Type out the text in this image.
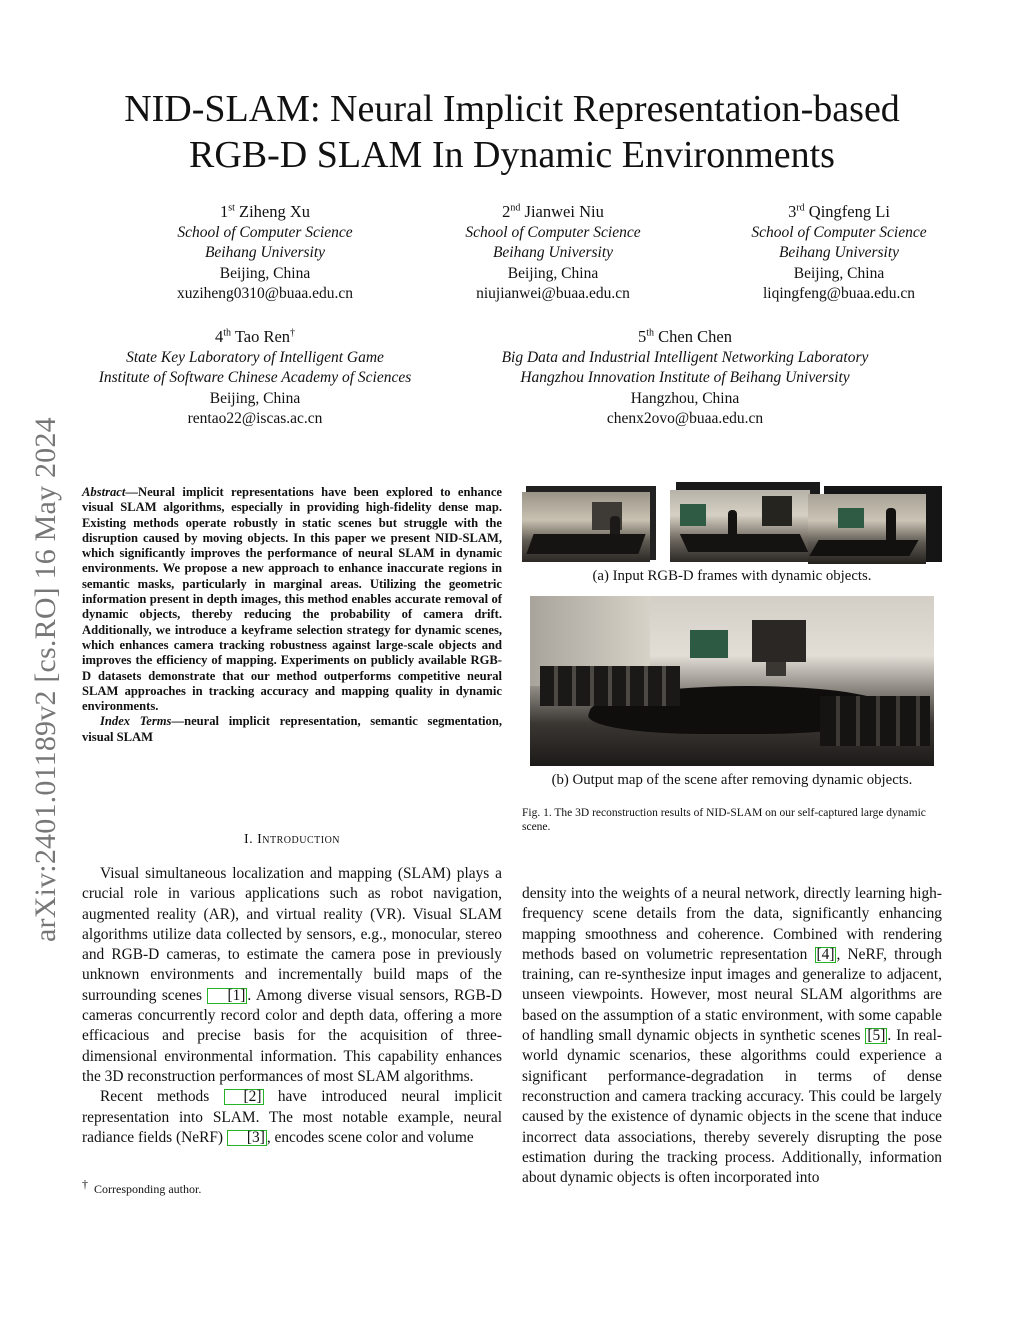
NID-SLAM: Neural Implicit Representation-based
RGB-D SLAM In Dynamic Environments
1st Ziheng Xu
School of Computer Science
Beihang University
Beijing, China
xuziheng0310@buaa.edu.cn
2nd Jianwei Niu
School of Computer Science
Beihang University
Beijing, China
niujianwei@buaa.edu.cn
3rd Qingfeng Li
School of Computer Science
Beihang University
Beijing, China
liqingfeng@buaa.edu.cn
4th Tao Ren†
State Key Laboratory of Intelligent Game
Institute of Software Chinese Academy of Sciences
Beijing, China
rentao22@iscas.ac.cn
5th Chen Chen
Big Data and Industrial Intelligent Networking Laboratory
Hangzhou Innovation Institute of Beihang University
Hangzhou, China
chenx2ovo@buaa.edu.cn
arXiv:2401.01189v2 [cs.RO] 16 May 2024 Abstract—Neural implicit representations have been explored to enhance visual SLAM algorithms, especially in providing high-fidelity dense map. Existing methods operate robustly in static scenes but struggle with the disruption caused by moving objects. In this paper we present NID-SLAM, which significantly improves the performance of neural SLAM in dynamic environments. We propose a new approach to enhance inaccurate regions in semantic masks, particularly in marginal areas. Utilizing the geometric information present in depth images, this method enables accurate removal of dynamic objects, thereby reducing the probability of camera drift. Additionally, we introduce a keyframe selection strategy for dynamic scenes, which enhances camera tracking robustness against large-scale objects and improves the efficiency of mapping. Experiments on publicly available RGB-D datasets demonstrate that our method outperforms competitive neural SLAM approaches in tracking accuracy and mapping quality in dynamic environments.
Index Terms—neural implicit representation, semantic segmentation, visual SLAM
I. Introduction

Visual simultaneous localization and mapping (SLAM) plays a crucial role in various applications such as robot navigation, augmented reality (AR), and virtual reality (VR). Visual SLAM algorithms utilize data collected by sensors, e.g., monocular, stereo and RGB-D cameras, to estimate the camera pose in previously unknown environments and incrementally build maps of the surrounding scenes [1] . Among diverse visual sensors, RGB-D cameras concurrently record color and depth data, offering a more efficacious and precise basis for the acquisition of three-dimensional environmental information. This capability enhances the 3D reconstruction performances of most SLAM algorithms.

Recent methods [2] have introduced neural implicit representation into SLAM. The most notable example, neural radiance fields (NeRF) [3] , encodes scene color and volume

† Corresponding author.

density into the weights of a neural network, directly learning high-frequency scene details from the data, significantly enhancing mapping smoothness and coherence. Combined with rendering methods based on volumetric representation [4] , NeRF, through training, can re-synthesize input images and generalize to adjacent, unseen viewpoints. However, most neural SLAM algorithms are based on the assumption of a static environment, with some capable of handling small dynamic objects in synthetic scenes [5] . In real-world dynamic scenarios, these algorithms could experience a significant performance-degradation in terms of dense reconstruction and camera tracking accuracy. This could be largely caused by the existence of dynamic objects in the scene that induce incorrect data associations, thereby severely disrupting the pose estimation during the tracking process. Additionally, information about dynamic objects is often incorporated into

(a) Input RGB-D frames with dynamic objects.
(b) Output map of the scene after removing dynamic objects.
Fig. 1. The 3D reconstruction results of NID-SLAM on our self-captured large dynamic scene.
